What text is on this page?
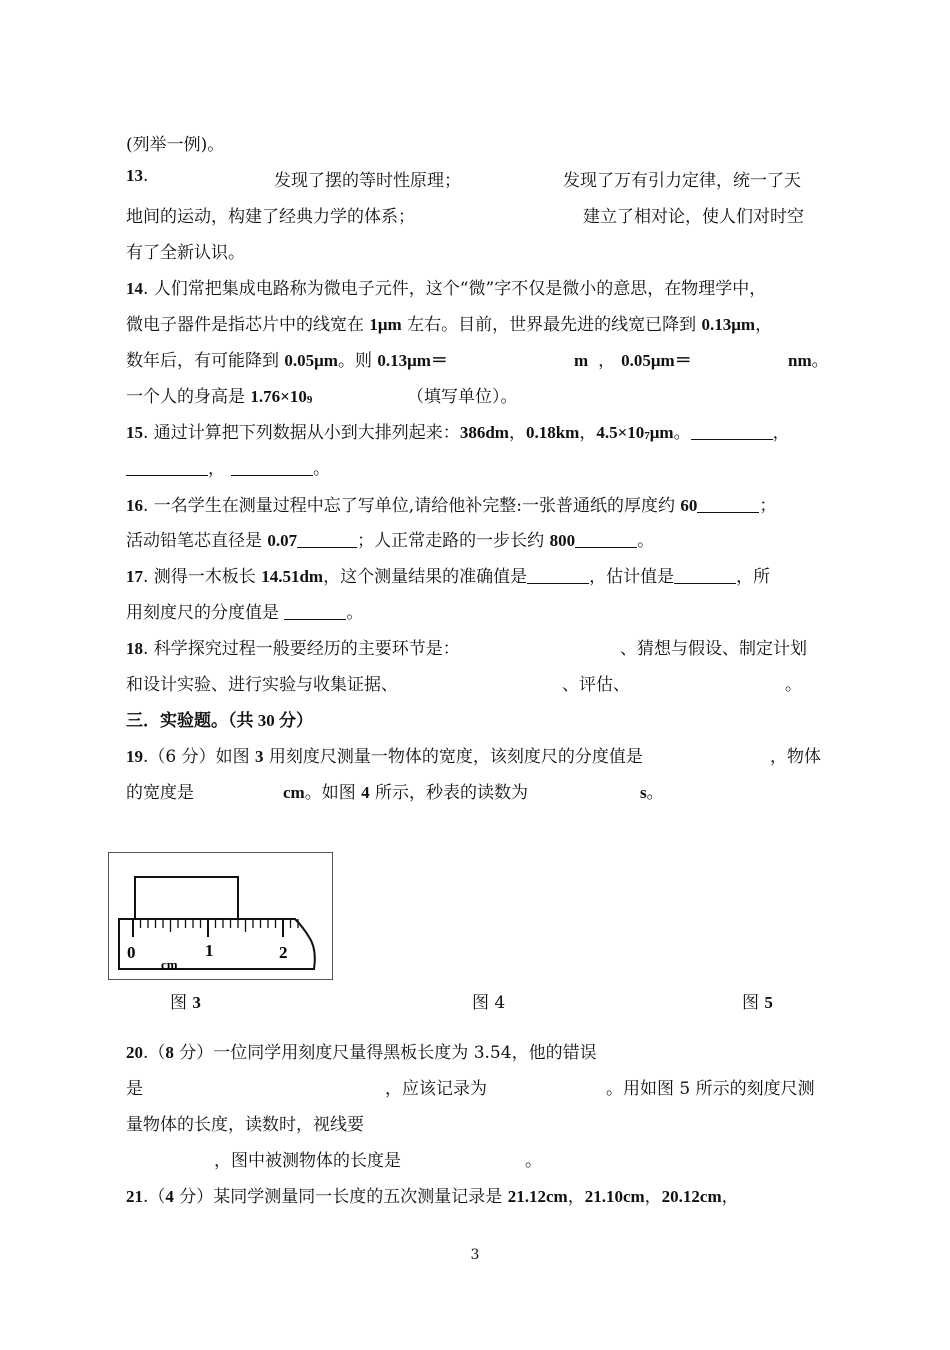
(列举一例)。
13.	发现了摆的等时性原理；	发现了万有引力定律，统一了天
地间的运动，构建了经典力学的体系；	建立了相对论，使人们对时空
有了全新认识。
14. 人们常把集成电路称为微电子元件，这个“微”字不仅是微小的意思，在物理学中，
微电子器件是指芯片中的线宽在 1μm 左右。目前，世界最先进的线宽已降到 0.13μm，
数年后，有可能降到 0.05μm。则 0.13μm＝	m ， 0.05μm＝	nm。
一个人的身高是 1.76×109	（填写单位）。
15. 通过计算把下列数据从小到大排列起来：386dm，0.18km，4.5×107μm。	，
，	。
16. 一名学生在测量过程中忘了写单位,请给他补完整:一张普通纸的厚度约 60	；
活动铅笔芯直径是 0.07	；人正常走路的一步长约 800	。
17. 测得一木板长 14.51dm，这个测量结果的准确值是	，估计值是	，所
用刻度尺的分度值是	。
18. 科学探究过程一般要经历的主要环节是：	、猜想与假设、制定计划
和设计实验、进行实验与收集证据、	、评估、	。
三．实验题。（共 30 分）
19.（6 分）如图 3 用刻度尺测量一物体的宽度，该刻度尺的分度值是	，物体
的宽度是	cm。如图 4 所示，秒表的读数为	s。
0	1	2
cm
图 3	图 4	图 5
20.（8 分）一位同学用刻度尺量得黑板长度为 3.54，他的错误
是	，应该记录为	。用如图 5 所示的刻度尺测
量物体的长度，读数时，视线要
，图中被测物体的长度是	。
21.（4 分）某同学测量同一长度的五次测量记录是 21.12cm，21.10cm，20.12cm，
3
